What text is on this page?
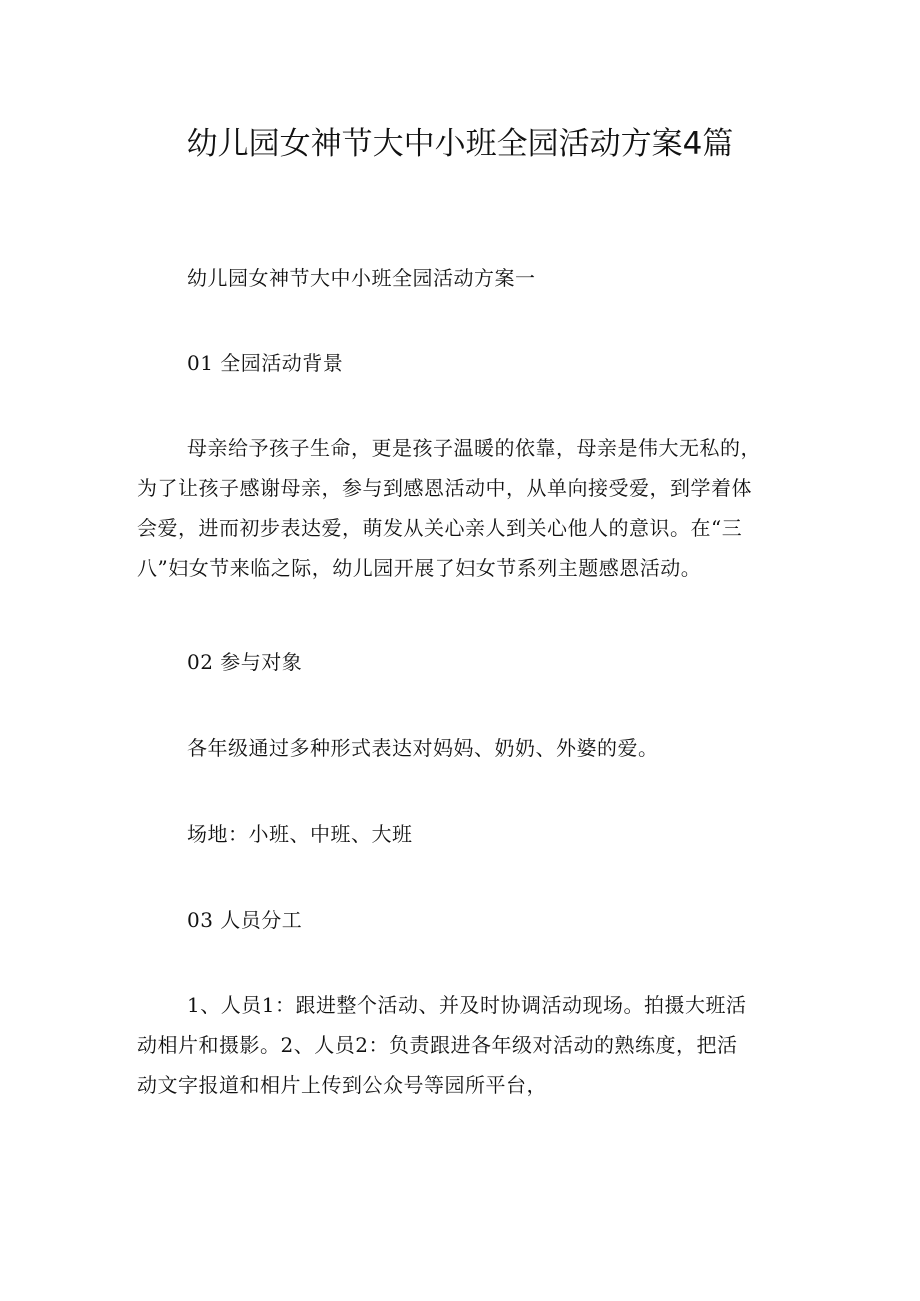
幼儿园女神节大中小班全园活动方案4篇

幼儿园女神节大中小班全园活动方案一

01 全园活动背景

母亲给予孩子生命，更是孩子温暖的依靠，母亲是伟大无私的，
为了让孩子感谢母亲，参与到感恩活动中，从单向接受爱，到学着体
会爱，进而初步表达爱，萌发从关心亲人到关心他人的意识。在“三
八”妇女节来临之际，幼儿园开展了妇女节系列主题感恩活动。

02 参与对象

各年级通过多种形式表达对妈妈、奶奶、外婆的爱。

场地：小班、中班、大班

03 人员分工

1、人员1：跟进整个活动、并及时协调活动现场。拍摄大班活
动相片和摄影。2、人员2：负责跟进各年级对活动的熟练度，把活
动文字报道和相片上传到公众号等园所平台，
